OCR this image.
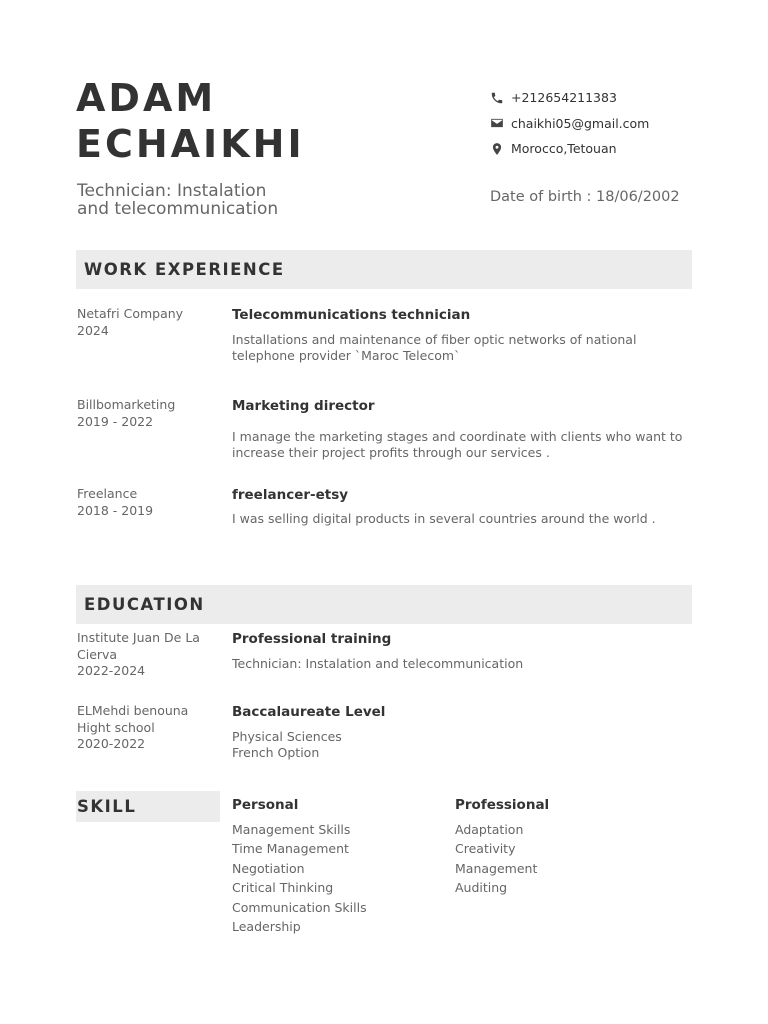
ADAM
ECHAIKHI
Technician: Instalation
and telecommunication
+212654211383
chaikhi05@gmail.com
Morocco,Tetouan
Date of birth : 18/06/2002
WORK EXPERIENCE
Netafri Company
2024
Telecommunications technician
Installations and maintenance of fiber optic networks of national
telephone provider `Maroc Telecom`
Billbomarketing
2019 - 2022
Marketing director
I manage the marketing stages and coordinate with clients who want to
increase their project profits through our services .
Freelance
2018 - 2019
freelancer-etsy
I was selling digital products in several countries around the world .
EDUCATION
Institute Juan De La
Cierva
2022-2024
Professional training
Technician: Instalation and telecommunication
ELMehdi benouna
Hight school
2020-2022
Baccalaureate Level
Physical Sciences
French Option
SKILL	Personal
Management Skills
Time Management
Negotiation
Critical Thinking
Communication Skills
Leadership
Professional
Adaptation
Creativity
Management
Auditing
